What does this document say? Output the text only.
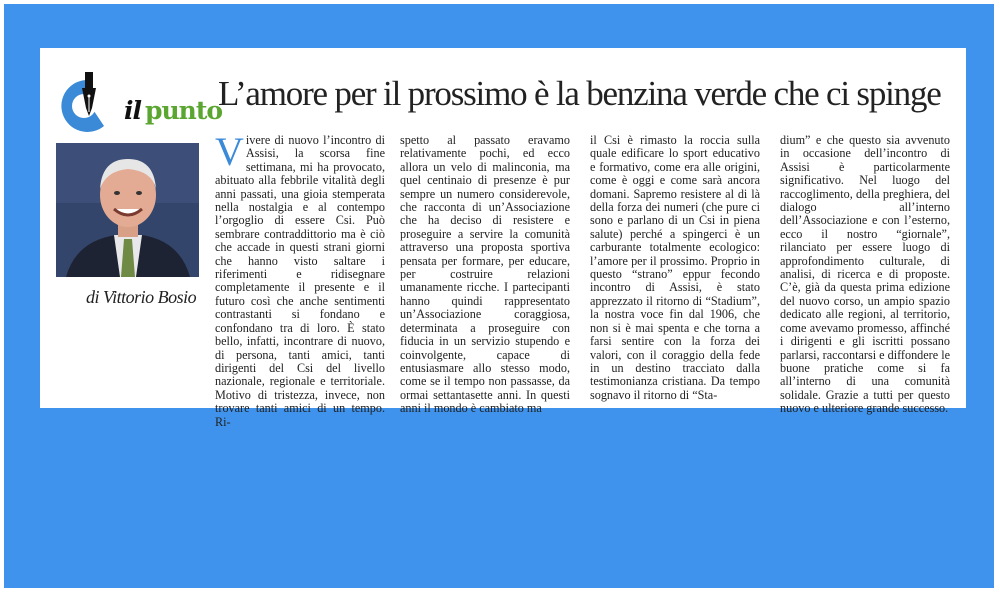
il punto
di Vittorio Bosio
L’amore per il prossimo è la benzina verde che ci spinge

Vivere di nuovo l’incontro di Assisi, la scorsa fine settimana, mi ha provocato, abituato alla febbrile vitalità degli anni passati, una gioia stemperata nella nostalgia e al contempo l’orgoglio di essere Csi. Può sembrare contraddittorio ma è ciò che accade in questi strani giorni che hanno visto saltare i riferimenti e ridisegnare completamente il presente e il futuro così che anche sentimenti contrastanti si fondano e confondano tra di loro. È stato bello, infatti, incontrare di nuovo, di persona, tanti amici, tanti dirigenti del Csi del livello nazionale, regionale e territoriale. Motivo di tristezza, invece, non trovare tanti amici di un tempo. Ri-

spetto al passato eravamo relativamente pochi, ed ecco allora un velo di malinconia, ma quel centinaio di presenze è pur sempre un numero considerevole, che racconta di un’Associazione che ha deciso di resistere e proseguire a servire la comunità attraverso una proposta sportiva pensata per formare, per educare, per costruire relazioni umanamente ricche. I partecipanti hanno quindi rappresentato un’Associazione coraggiosa, determinata a proseguire con fiducia in un servizio stupendo e coinvolgente, capace di entusiasmare allo stesso modo, come se il tempo non passasse, da ormai settantasette anni. In questi anni il mondo è cambiato ma

il Csi è rimasto la roccia sulla quale edificare lo sport educativo e formativo, come era alle origini, come è oggi e come sarà ancora domani. Sapremo resistere al di là della forza dei numeri (che pure ci sono e parlano di un Csi in piena salute) perché a spingerci è un carburante totalmente ecologico: l’amore per il prossimo. Proprio in questo “strano” eppur fecondo incontro di Assisi, è stato apprezzato il ritorno di “Stadium”, la nostra voce fin dal 1906, che non si è mai spenta e che torna a farsi sentire con la forza dei valori, con il coraggio della fede in un destino tracciato dalla testimonianza cristiana. Da tempo sognavo il ritorno di “Sta-

dium” e che questo sia avvenuto in occasione dell’incontro di Assisi è particolarmente significativo. Nel luogo del raccoglimento, della preghiera, del dialogo all’interno dell’Associazione e con l’esterno, ecco il nostro “giornale”, rilanciato per essere luogo di approfondimento culturale, di analisi, di ricerca e di proposte. C’è, già da questa prima edizione del nuovo corso, un ampio spazio dedicato alle regioni, al territorio, come avevamo promesso, affinché i dirigenti e gli iscritti possano parlarsi, raccontarsi e diffondere le buone pratiche come si fa all’interno di una comunità solidale. Grazie a tutti per questo nuovo e ulteriore grande successo.
